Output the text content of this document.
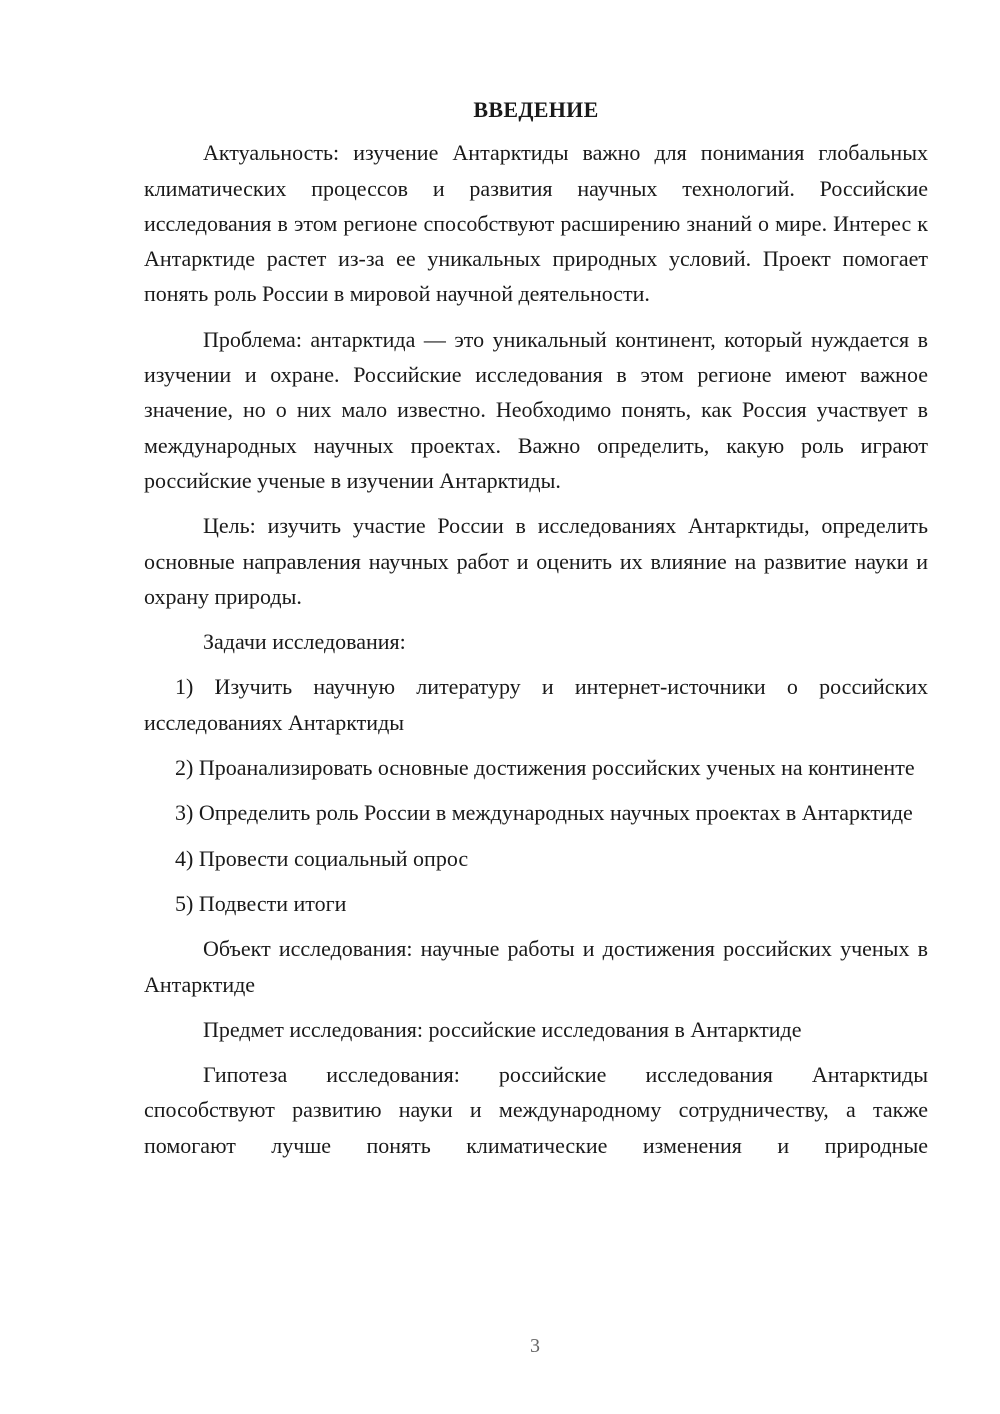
ВВЕДЕНИЕ

Актуальность: изучение Антарктиды важно для понимания глобальных климатических процессов и развития научных технологий. Российские исследования в этом регионе способствуют расширению знаний о мире. Интерес к Антарктиде растет из-за ее уникальных природных условий. Проект помогает понять роль России в мировой научной деятельности.

Проблема: антарктида — это уникальный континент, который нуждается в изучении и охране. Российские исследования в этом регионе имеют важное значение, но о них мало известно. Необходимо понять, как Россия участвует в международных научных проектах. Важно определить, какую роль играют российские ученые в изучении Антарктиды.

Цель: изучить участие России в исследованиях Антарктиды, определить основные направления научных работ и оценить их влияние на развитие науки и охрану природы.

Задачи исследования:

1) Изучить научную литературу и интернет-источники о российских исследованиях Антарктиды

2) Проанализировать основные достижения российских ученых на континенте

3) Определить роль России в международных научных проектах в Антарктиде

4) Провести социальный опрос

5) Подвести итоги

Объект исследования: научные работы и достижения российских ученых в Антарктиде

Предмет исследования: российские исследования в Антарктиде

Гипотеза исследования: российские исследования Антарктиды способствуют развитию науки и международному сотрудничеству, а также помогают лучше понять климатические изменения и природные

3
